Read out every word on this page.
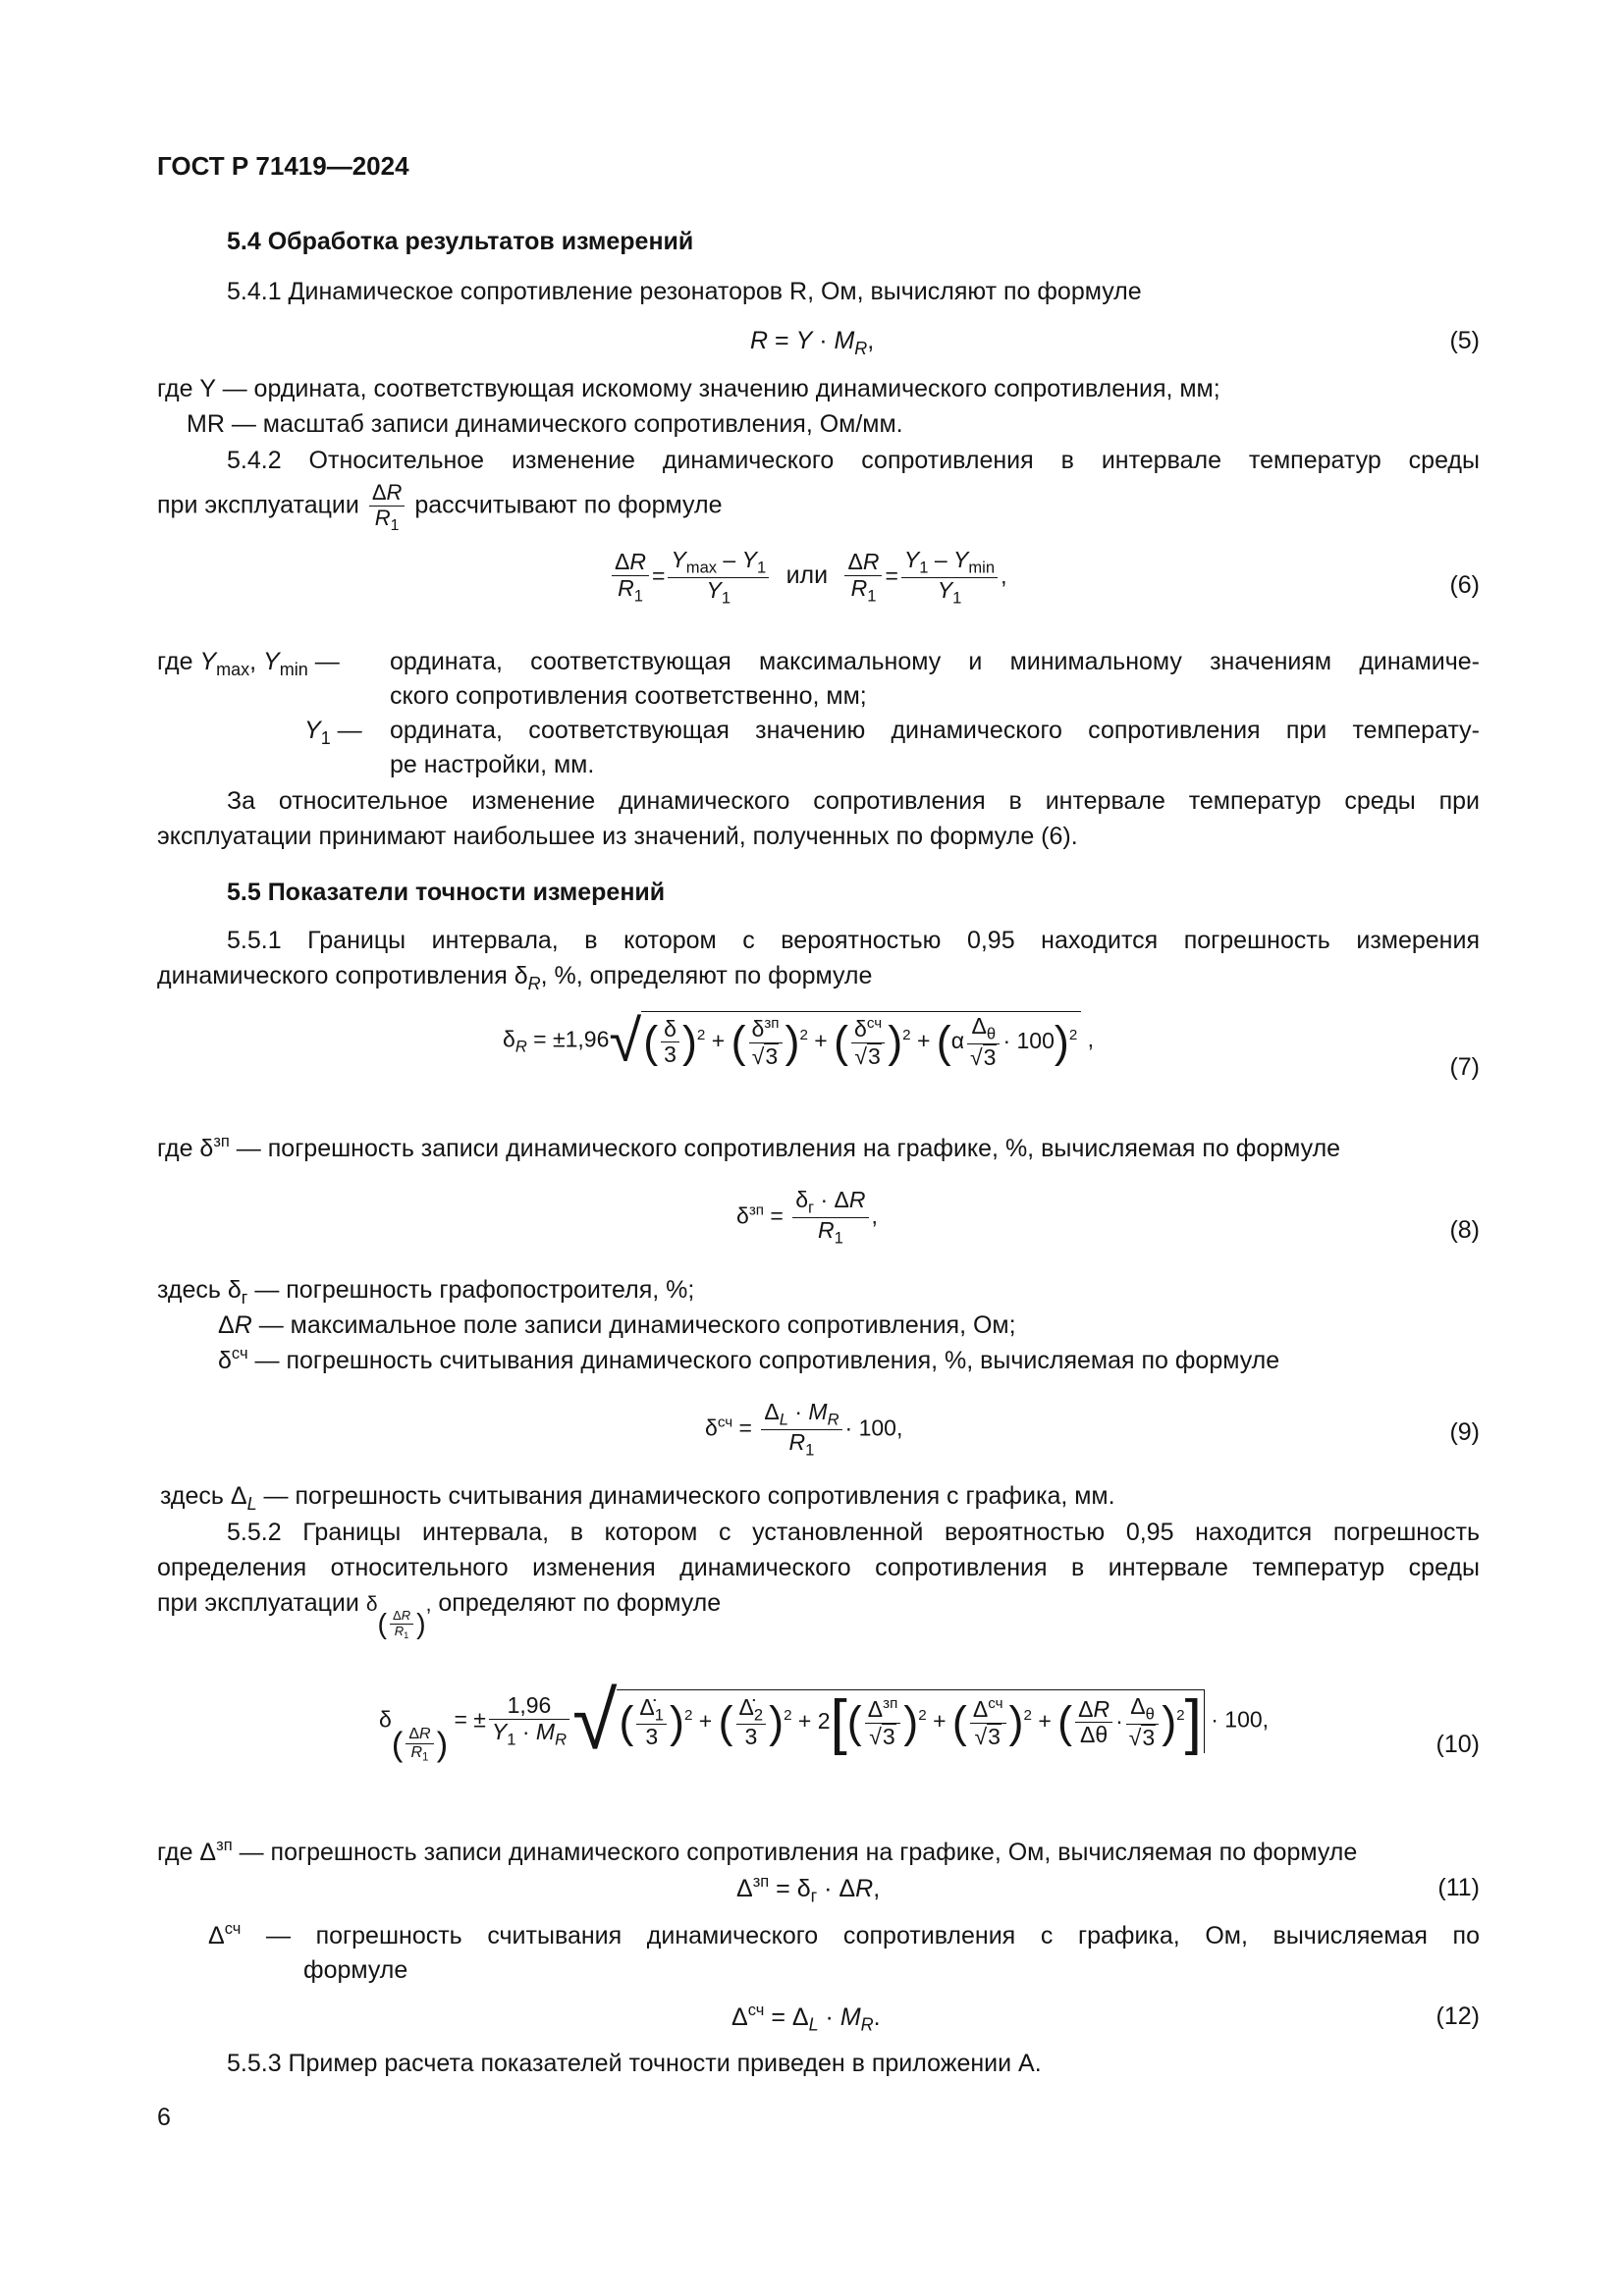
ГОСТ Р 71419—2024
5.4 Обработка результатов измерений
5.4.1 Динамическое сопротивление резонаторов R, Ом, вычисляют по формуле
$R = Y \cdot M_R$,	(5)
где Y — ордината, соответствующая искомому значению динамического сопротивления, мм;
MR — масштаб записи динамического сопротивления, Ом/мм.
5.4.2 Относительное изменение динамического сопротивления в интервале температур среды
при эксплуатации $\frac{\Delta R}{R_1}$ рассчитывают по формуле
$\frac{\Delta R}{R_1} = \frac{Y_{max} - Y_1}{Y_1}$ или $\frac{\Delta R}{R_1} = \frac{Y_1 - Y_{min}}{Y_1}$ ,	(6)
где $Y_{max}$, $Y_{min}$ — ордината, соответствующая максимальному и минимальному значениям динамиче-
ского сопротивления соответственно, мм;
$Y_1$ — ордината, соответствующая значению динамического сопротивления при температу-
ре настройки, мм.
За относительное изменение динамического сопротивления в интервале температур среды при
эксплуатации принимают наибольшее из значений, полученных по формуле (6).
5.5 Показатели точности измерений
5.5.1 Границы интервала, в котором с вероятностью 0,95 находится погрешность измерения
динамического сопротивления $\delta_R$, %, определяют по формуле
$\delta_R = \pm 1,96√( \frac{\delta}{3} )^2$ + ( $\frac{\delta^{зп}}{√3} )^2$ + ( $\frac{\delta^{сч}}{√3} )^2 + (\alpha \frac{\Delta_\theta}{√3} \cdot 100)^2$ ,
(7)
где $\delta^{зп}$ — погрешность записи динамического сопротивления на графике, %, вычисляемая по формуле
$\delta^{зп} = \frac{\delta_г \cdot \Delta R}{R_1}$ ,
(8)
здесь $\delta_г$ — погрешность графопостроителя, %;
ΔR — максимальное поле записи динамического сопротивления, Ом;
$\delta^{сч}$ — погрешность считывания динамического сопротивления, %, вычисляемая по формуле
$\delta^{сч} = \frac{\Delta_L \cdot M_R}{R_1} \cdot 100$,	(9)
здесь $\Delta_L$ — погрешность считывания динамического сопротивления с графика, мм.
5.5.2 Границы интервала, в котором с установленной вероятностью 0,95 находится погрешность
определения относительного изменения динамического сопротивления в интервале температур среды
при эксплуатации $\delta( \frac{\Delta R}{R_1}$ ), определяют по формуле
$\delta( \frac{\Delta R}{R_1}$ ) = ± $\frac{1,96}{Y_1 \cdot M_R}$ √( $\frac{\Deltȧ_1}{3} )^2$ + ( $\frac{\Deltȧ_2}{3} )^2 + 2[( \frac{\Delta^{зп}}{√3} )^2$ + ( $\frac{\Delta^{сч}}{√3} )^2$ + ( $\frac{\Delta R}{\Delta\theta} \cdot \frac{\Delta_\theta}{√3} )^2] \cdot 100$,
(10)
где $\Delta^{зп}$ — погрешность записи динамического сопротивления на графике, Ом, вычисляемая по формуле
$\Delta^{зп} = \delta_г \cdot \Delta R$,	(11)
$\Delta^{сч}$ — погрешность считывания динамического сопротивления с графика, Ом, вычисляемая по
формуле
$\Delta^{сч} = \Delta_L \cdot M_R$.	(12)
5.5.3 Пример расчета показателей точности приведен в приложении А.
6
